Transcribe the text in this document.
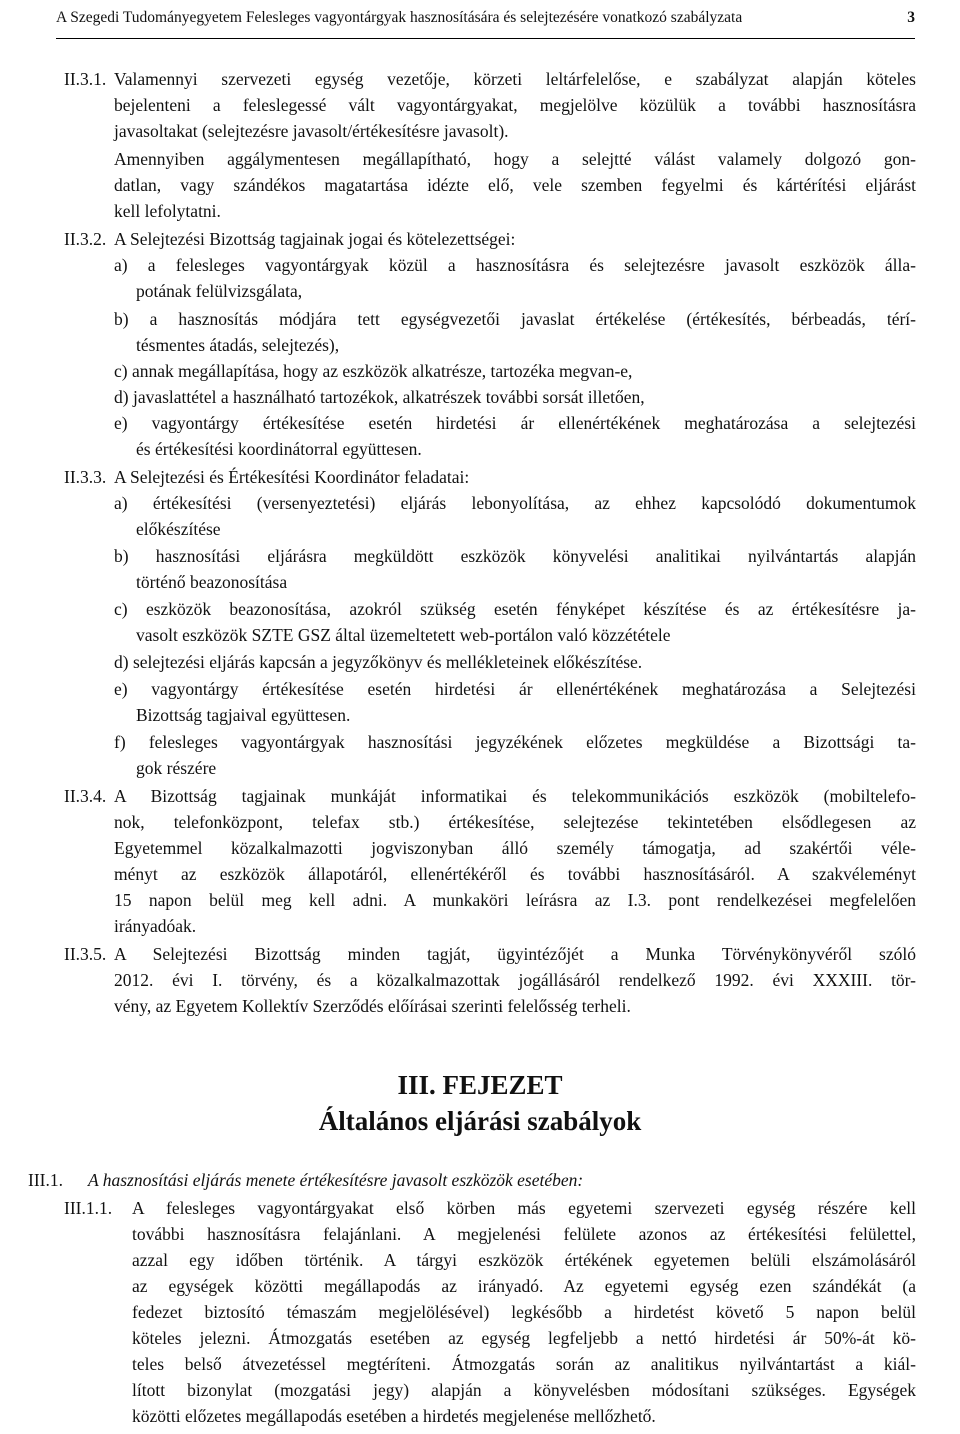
A Szegedi Tudományegyetem Felesleges vagyontárgyak hasznosítására és selejtezésére vonatkozó szabályzata	3
II.3.1. Valamennyi szervezeti egység vezetője, körzeti leltárfelelőse, e szabályzat alapján köteles

bejelenteni a feleslegessé vált vagyontárgyakat, megjelölve közülük a további hasznosításra

javasoltakat (selejtezésre javasolt/értékesítésre javasolt).

Amennyiben aggálymentesen megállapítható, hogy a selejtté válást valamely dolgozó gon-

datlan, vagy szándékos magatartása idézte elő, vele szemben fegyelmi és kártérítési eljárást

kell lefolytatni.

II.3.2. A Selejtezési Bizottság tagjainak jogai és kötelezettségei:

a) a felesleges vagyontárgyak közül a hasznosításra és selejtezésre javasolt eszközök álla-

potának felülvizsgálata,

b) a hasznosítás módjára tett egységvezetői javaslat értékelése (értékesítés, bérbeadás, térí-

tésmentes átadás, selejtezés),

c) annak megállapítása, hogy az eszközök alkatrésze, tartozéka megvan-e,

d) javaslattétel a használható tartozékok, alkatrészek további sorsát illetően,

e) vagyontárgy értékesítése esetén hirdetési ár ellenértékének meghatározása a selejtezési

és értékesítési koordinátorral együttesen.

II.3.3. A Selejtezési és Értékesítési Koordinátor feladatai:

a) értékesítési (versenyeztetési) eljárás lebonyolítása, az ehhez kapcsolódó dokumentumok

előkészítése

b) hasznosítási eljárásra megküldött eszközök könyvelési analitikai nyilvántartás alapján

történő beazonosítása

c) eszközök beazonosítása, azokról szükség esetén fényképet készítése és az értékesítésre ja-

vasolt eszközök SZTE GSZ által üzemeltetett web-portálon való közzététele

d) selejtezési eljárás kapcsán a jegyzőkönyv és mellékleteinek előkészítése.

e) vagyontárgy értékesítése esetén hirdetési ár ellenértékének meghatározása a Selejtezési

Bizottság tagjaival együttesen.

f) felesleges vagyontárgyak hasznosítási jegyzékének előzetes megküldése a Bizottsági ta-

gok részére

II.3.4. A Bizottság tagjainak munkáját informatikai és telekommunikációs eszközök (mobiltelefo-

nok, telefonközpont, telefax stb.) értékesítése, selejtezése tekintetében elsődlegesen az

Egyetemmel közalkalmazotti jogviszonyban álló személy támogatja, ad szakértői véle-

ményt az eszközök állapotáról, ellenértékéről és további hasznosításáról. A szakvéleményt

15 napon belül meg kell adni. A munkaköri leírásra az I.3. pont rendelkezései megfelelően

irányadóak.

II.3.5. A Selejtezési Bizottság minden tagját, ügyintézőjét a Munka Törvénykönyvéről szóló

2012. évi I. törvény, és a közalkalmazottak jogállásáról rendelkező 1992. évi XXXIII. tör-

vény, az Egyetem Kollektív Szerződés előírásai szerinti felelősség terheli.

III. FEJEZET

Általános eljárási szabályok

III.1. A hasznosítási eljárás menete értékesítésre javasolt eszközök esetében:

III.1.1. A felesleges vagyontárgyakat első körben más egyetemi szervezeti egység részére kell

további hasznosításra felajánlani. A megjelenési felülete azonos az értékesítési felülettel,

azzal egy időben történik. A tárgyi eszközök értékének egyetemen belüli elszámolásáról

az egységek közötti megállapodás az irányadó. Az egyetemi egység ezen szándékát (a

fedezet biztosító témaszám megjelölésével) legkésőbb a hirdetést követő 5 napon belül

köteles jelezni. Átmozgatás esetében az egység legfeljebb a nettó hirdetési ár 50%-át kö-

teles belső átvezetéssel megtéríteni. Átmozgatás során az analitikus nyilvántartást a kiál-

lított bizonylat (mozgatási jegy) alapján a könyvelésben módosítani szükséges. Egységek

közötti előzetes megállapodás esetében a hirdetés megjelenése mellőzhető.
